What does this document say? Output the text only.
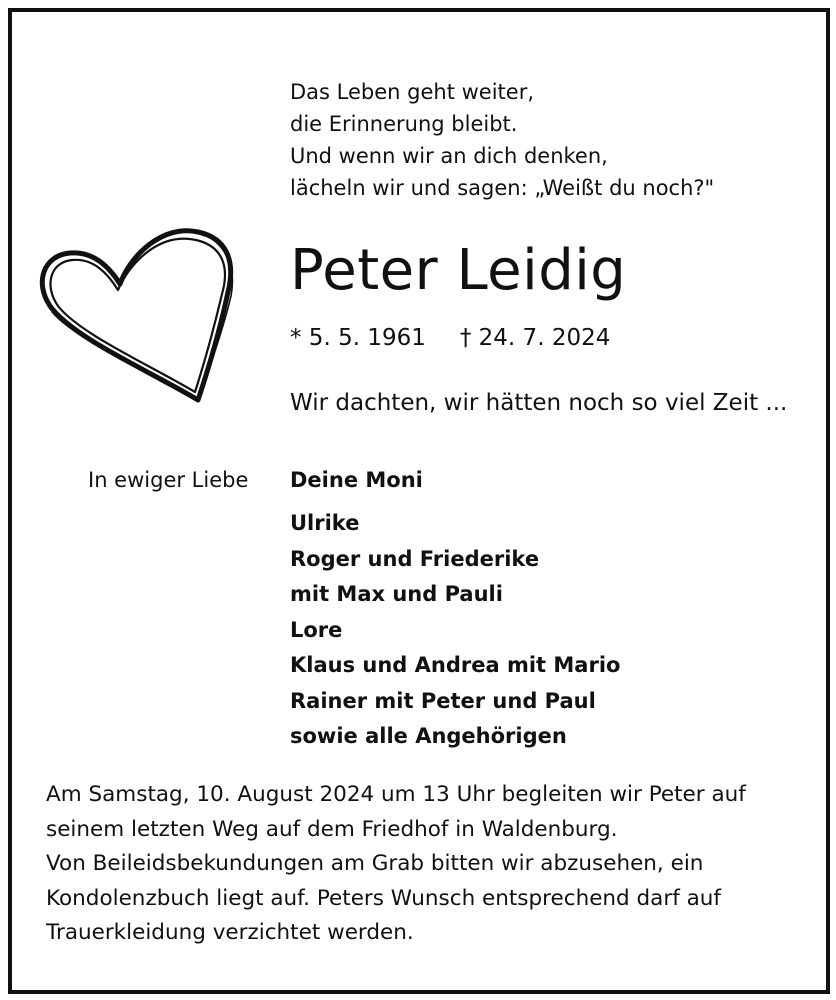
Das Leben geht weiter,
die Erinnerung bleibt.
Und wenn wir an dich denken,
lächeln wir und sagen: „Weißt du noch?"
Peter Leidig
* 5. 5. 1961 † 24. 7. 2024
Wir dachten, wir hätten noch so viel Zeit ...
In ewiger Liebe Deine Moni
Ulrike
Roger und Friederike
mit Max und Pauli
Lore
Klaus und Andrea mit Mario
Rainer mit Peter und Paul
sowie alle Angehörigen
Am Samstag, 10. August 2024 um 13 Uhr begleiten wir Peter auf
seinem letzten Weg auf dem Friedhof in Waldenburg.
Von Beileidsbekundungen am Grab bitten wir abzusehen, ein
Kondolenzbuch liegt auf. Peters Wunsch entsprechend darf auf
Trauerkleidung verzichtet werden.
